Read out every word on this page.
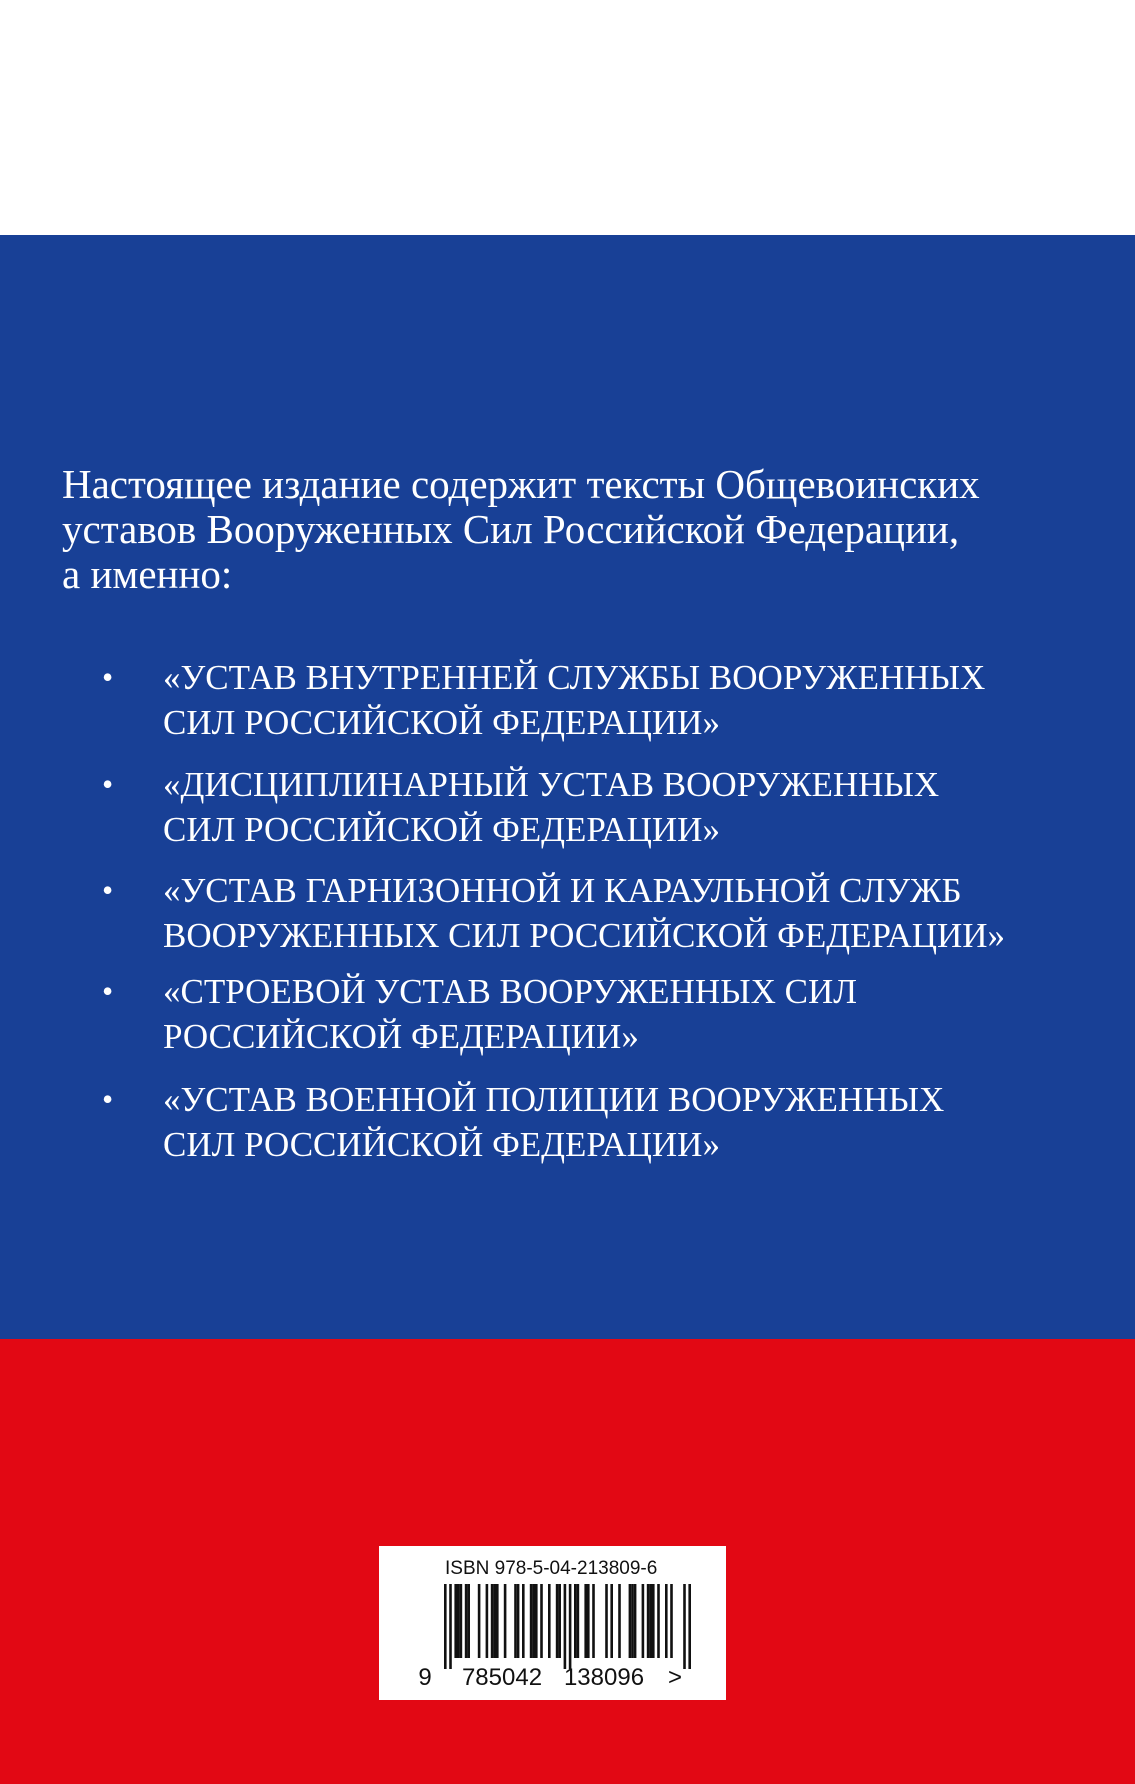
Настоящее издание содержит тексты Общевоинских
уставов Вооруженных Сил Российской Федерации,
а именно:

• «УСТАВ ВНУТРЕННЕЙ СЛУЖБЫ ВООРУЖЕННЫХ
СИЛ РОССИЙСКОЙ ФЕДЕРАЦИИ»
• «ДИСЦИПЛИНАРНЫЙ УСТАВ ВООРУЖЕННЫХ
СИЛ РОССИЙСКОЙ ФЕДЕРАЦИИ»
• «УСТАВ ГАРНИЗОННОЙ И КАРАУЛЬНОЙ СЛУЖБ
ВООРУЖЕННЫХ СИЛ РОССИЙСКОЙ ФЕДЕРАЦИИ»
• «СТРОЕВОЙ УСТАВ ВООРУЖЕННЫХ СИЛ
РОССИЙСКОЙ ФЕДЕРАЦИИ»
• «УСТАВ ВОЕННОЙ ПОЛИЦИИ ВООРУЖЕННЫХ
СИЛ РОССИЙСКОЙ ФЕДЕРАЦИИ»
9 785042 138096 >
ISBN 978-5-04-213809-6
